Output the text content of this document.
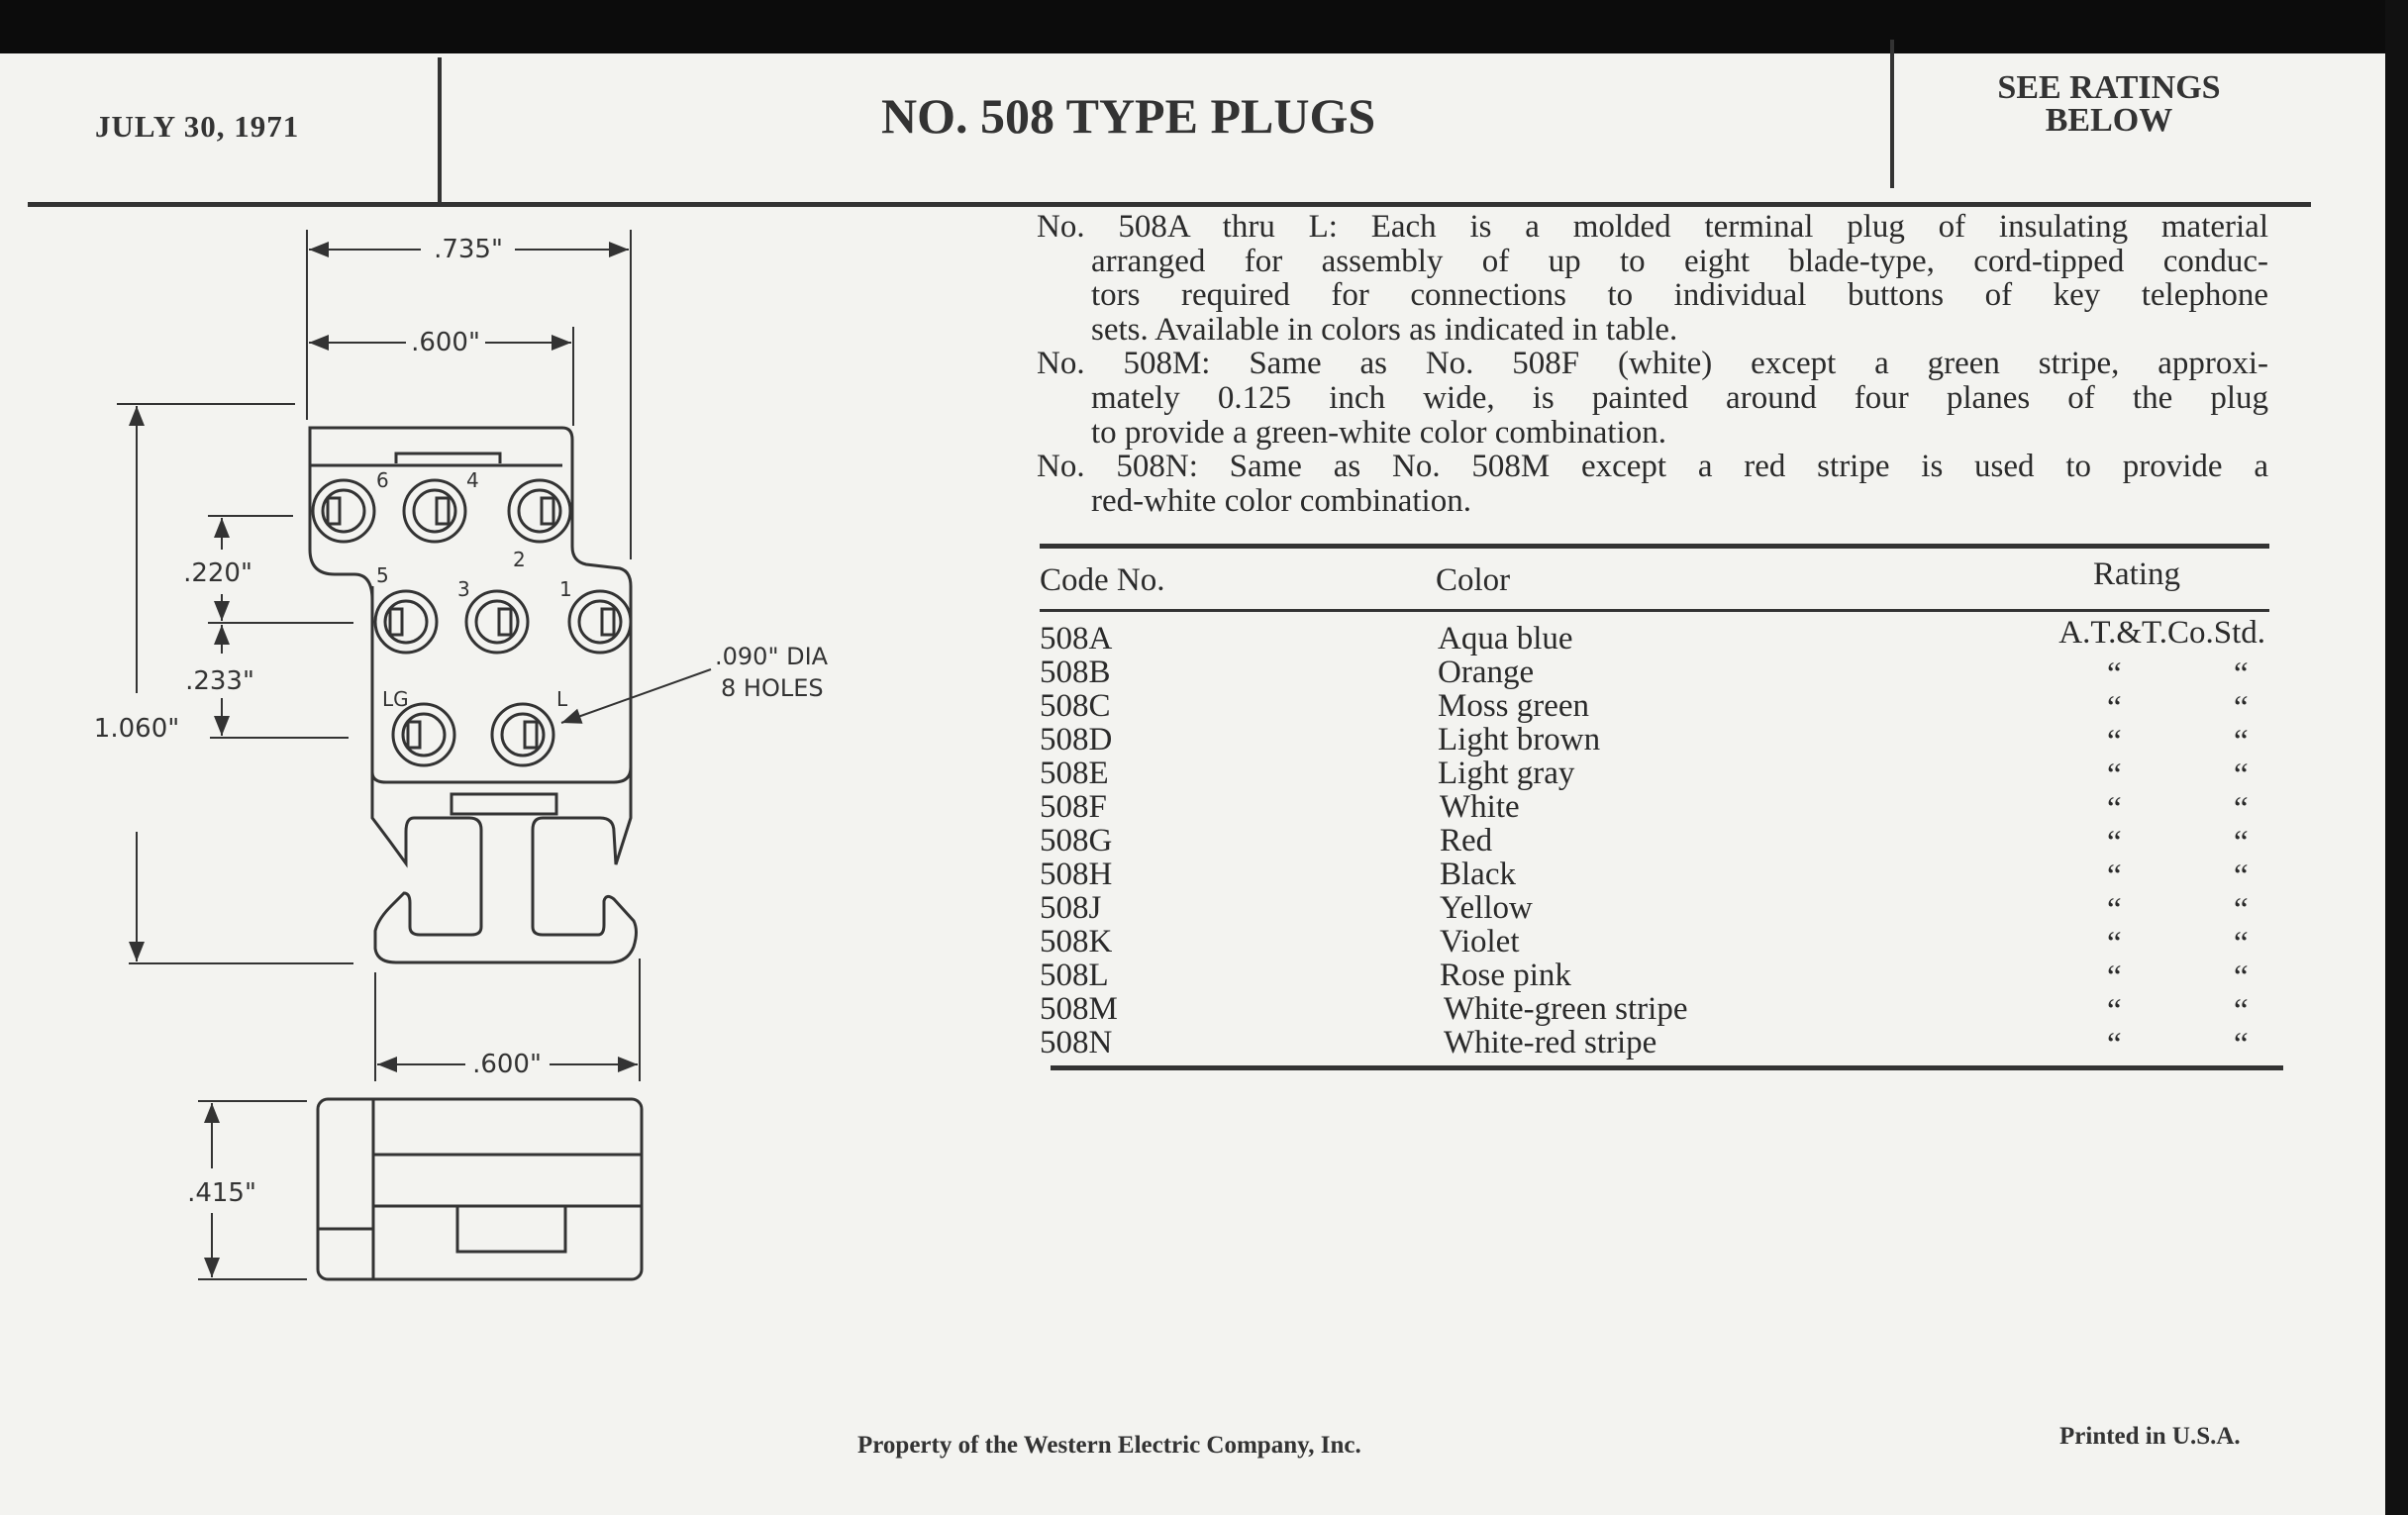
JULY 30, 1971	NO. 508 TYPE PLUGS
SEE RATINGS
BELOW
No. 508A thru L: Each is a molded terminal plug of insulating material
arranged for assembly of up to eight blade-type, cord-tipped conduc-
tors required for connections to individual buttons of key telephone
sets. Available in colors as indicated in table.
No. 508M: Same as No. 508F (white) except a green stripe, approxi-
mately 0.125 inch wide, is painted around four planes of the plug
to provide a green-white color combination.
No. 508N: Same as No. 508M except a red stripe is used to provide a
red-white color combination.
Code No.	Color	Rating
508A	Aqua blue	A.T.&T.Co.Std.
508B	Orange	“	“
508C	Moss green	“	“
508D	Light brown	“	“
508E	Light gray	“	“
508F	White	“	“
508G	Red	“	“
508H	Black	“	“
508J	Yellow	“	“
508K	Violet	“	“
508L	Rose pink	“	“
508M	White-green stripe	“	“
508N	White-red stripe	“	“
.735"
.600"
1.060"
.220"
.233"
.600"
.415"
.090" DIA
8 HOLES
6	4
2
5
3	1
LG	L
Property of the Western Electric Company, Inc.	Printed in U.S.A.
